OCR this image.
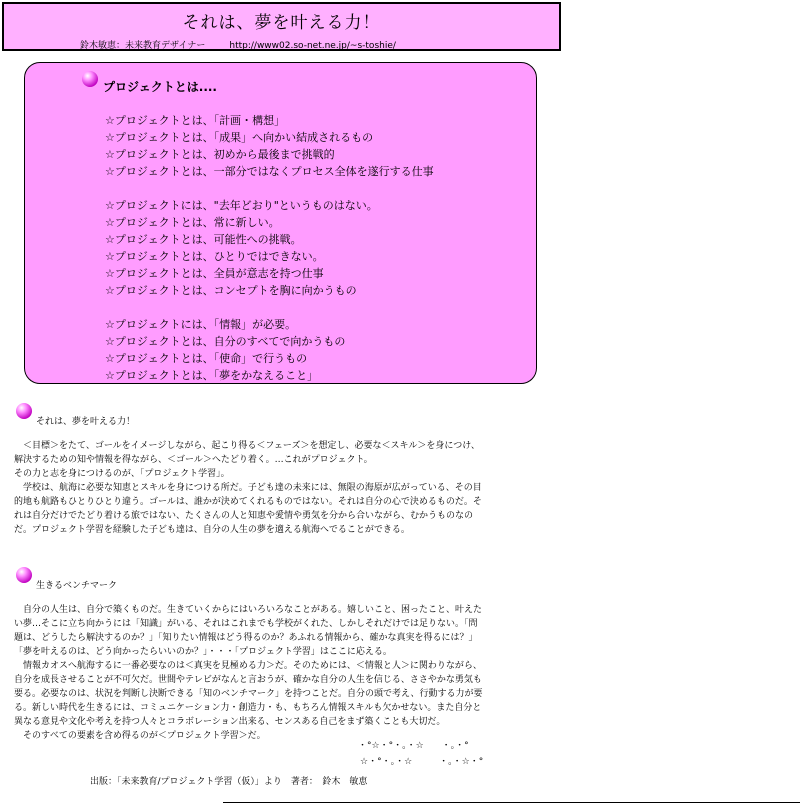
それは、夢を叶える力！
鈴木敏恵：未来教育デザイナー	http://www02.so-net.ne.jp/~s-toshie/
プロジェクトとは....
☆プロジェクトとは、「計画・構想」
☆プロジェクトとは、「成果」へ向かい結成されるもの
☆プロジェクトとは、初めから最後まで挑戦的
☆プロジェクトとは、一部分ではなくプロセス全体を遂行する仕事
☆プロジェクトには、"去年どおり"というものはない。
☆プロジェクトとは、常に新しい。
☆プロジェクトとは、可能性への挑戦。
☆プロジェクトとは、ひとりではできない。
☆プロジェクトとは、全員が意志を持つ仕事
☆プロジェクトとは、コンセプトを胸に向かうもの
☆プロジェクトには、「情報」が必要。
☆プロジェクトとは、自分のすべてで向かうもの
☆プロジェクトとは、「使命」で行うもの
☆プロジェクトとは、「夢をかなえること」
それは、夢を叶える力！
　＜目標＞をたて、ゴールをイメージしながら、起こり得る＜フェーズ＞を想定し、必要な＜スキル＞を身につけ、
解決するための知や情報を得ながら、＜ゴール＞へたどり着く。…これがプロジェクト。
その力と志を身につけるのが、「プロジェクト学習」。
　学校は、航海に必要な知恵とスキルを身につける所だ。子ども達の未来には、無限の海原が広がっている、その目
的地も航路もひとりひとり違う。ゴールは、誰かが決めてくれるものではない。それは自分の心で決めるものだ。そ
れは自分だけでたどり着ける旅ではない、たくさんの人と知恵や愛情や勇気を分から合いながら、むかうものなの
だ。プロジェクト学習を経験した子ども達は、自分の人生の夢を適える航海へでることができる。
生きるベンチマーク
　自分の人生は、自分で築くものだ。生きていくからにはいろいろなことがある。嬉しいこと、困ったこと、叶えた
い夢…そこに立ち向かうには「知識」がいる、それはこれまでも学校がくれた、しかしそれだけでは足りない。「問
題は、どうしたら解決するのか？」「知りたい情報はどう得るのか？あふれる情報から、確かな真実を得るには？」
「夢を叶えるのは、どう向かったらいいのか？」・・・「プロジェクト学習」はここに応える。
　情報カオスへ航海するに一番必要なのは＜真実を見極める力＞だ。そのためには、＜情報と人＞に関わりながら、
自分を成長させることが不可欠だ。世間やテレビがなんと言おうが、確かな自分の人生を信じる、ささやかな勇気も
要る。必要なのは、状況を判断し決断できる「知のベンチマーク」を持つことだ。自分の頭で考え、行動する力が要
る。新しい時代を生きるには、コミュニケーション力・創造力・も、もちろん情報スキルも欠かせない。また自分と
異なる意見や文化や考えを持つ人々とコラボレーション出来る、センスある自己をまず築くことも大切だ。
　そのすべての要素を含め得るのが＜プロジェクト学習＞だ。
・°☆・°・。・☆　　・。・°
☆・°・。・☆　　　・。・☆・°
出版：「未来教育/プロジェクト学習（仮）」より　著者：　鈴木　敏恵
